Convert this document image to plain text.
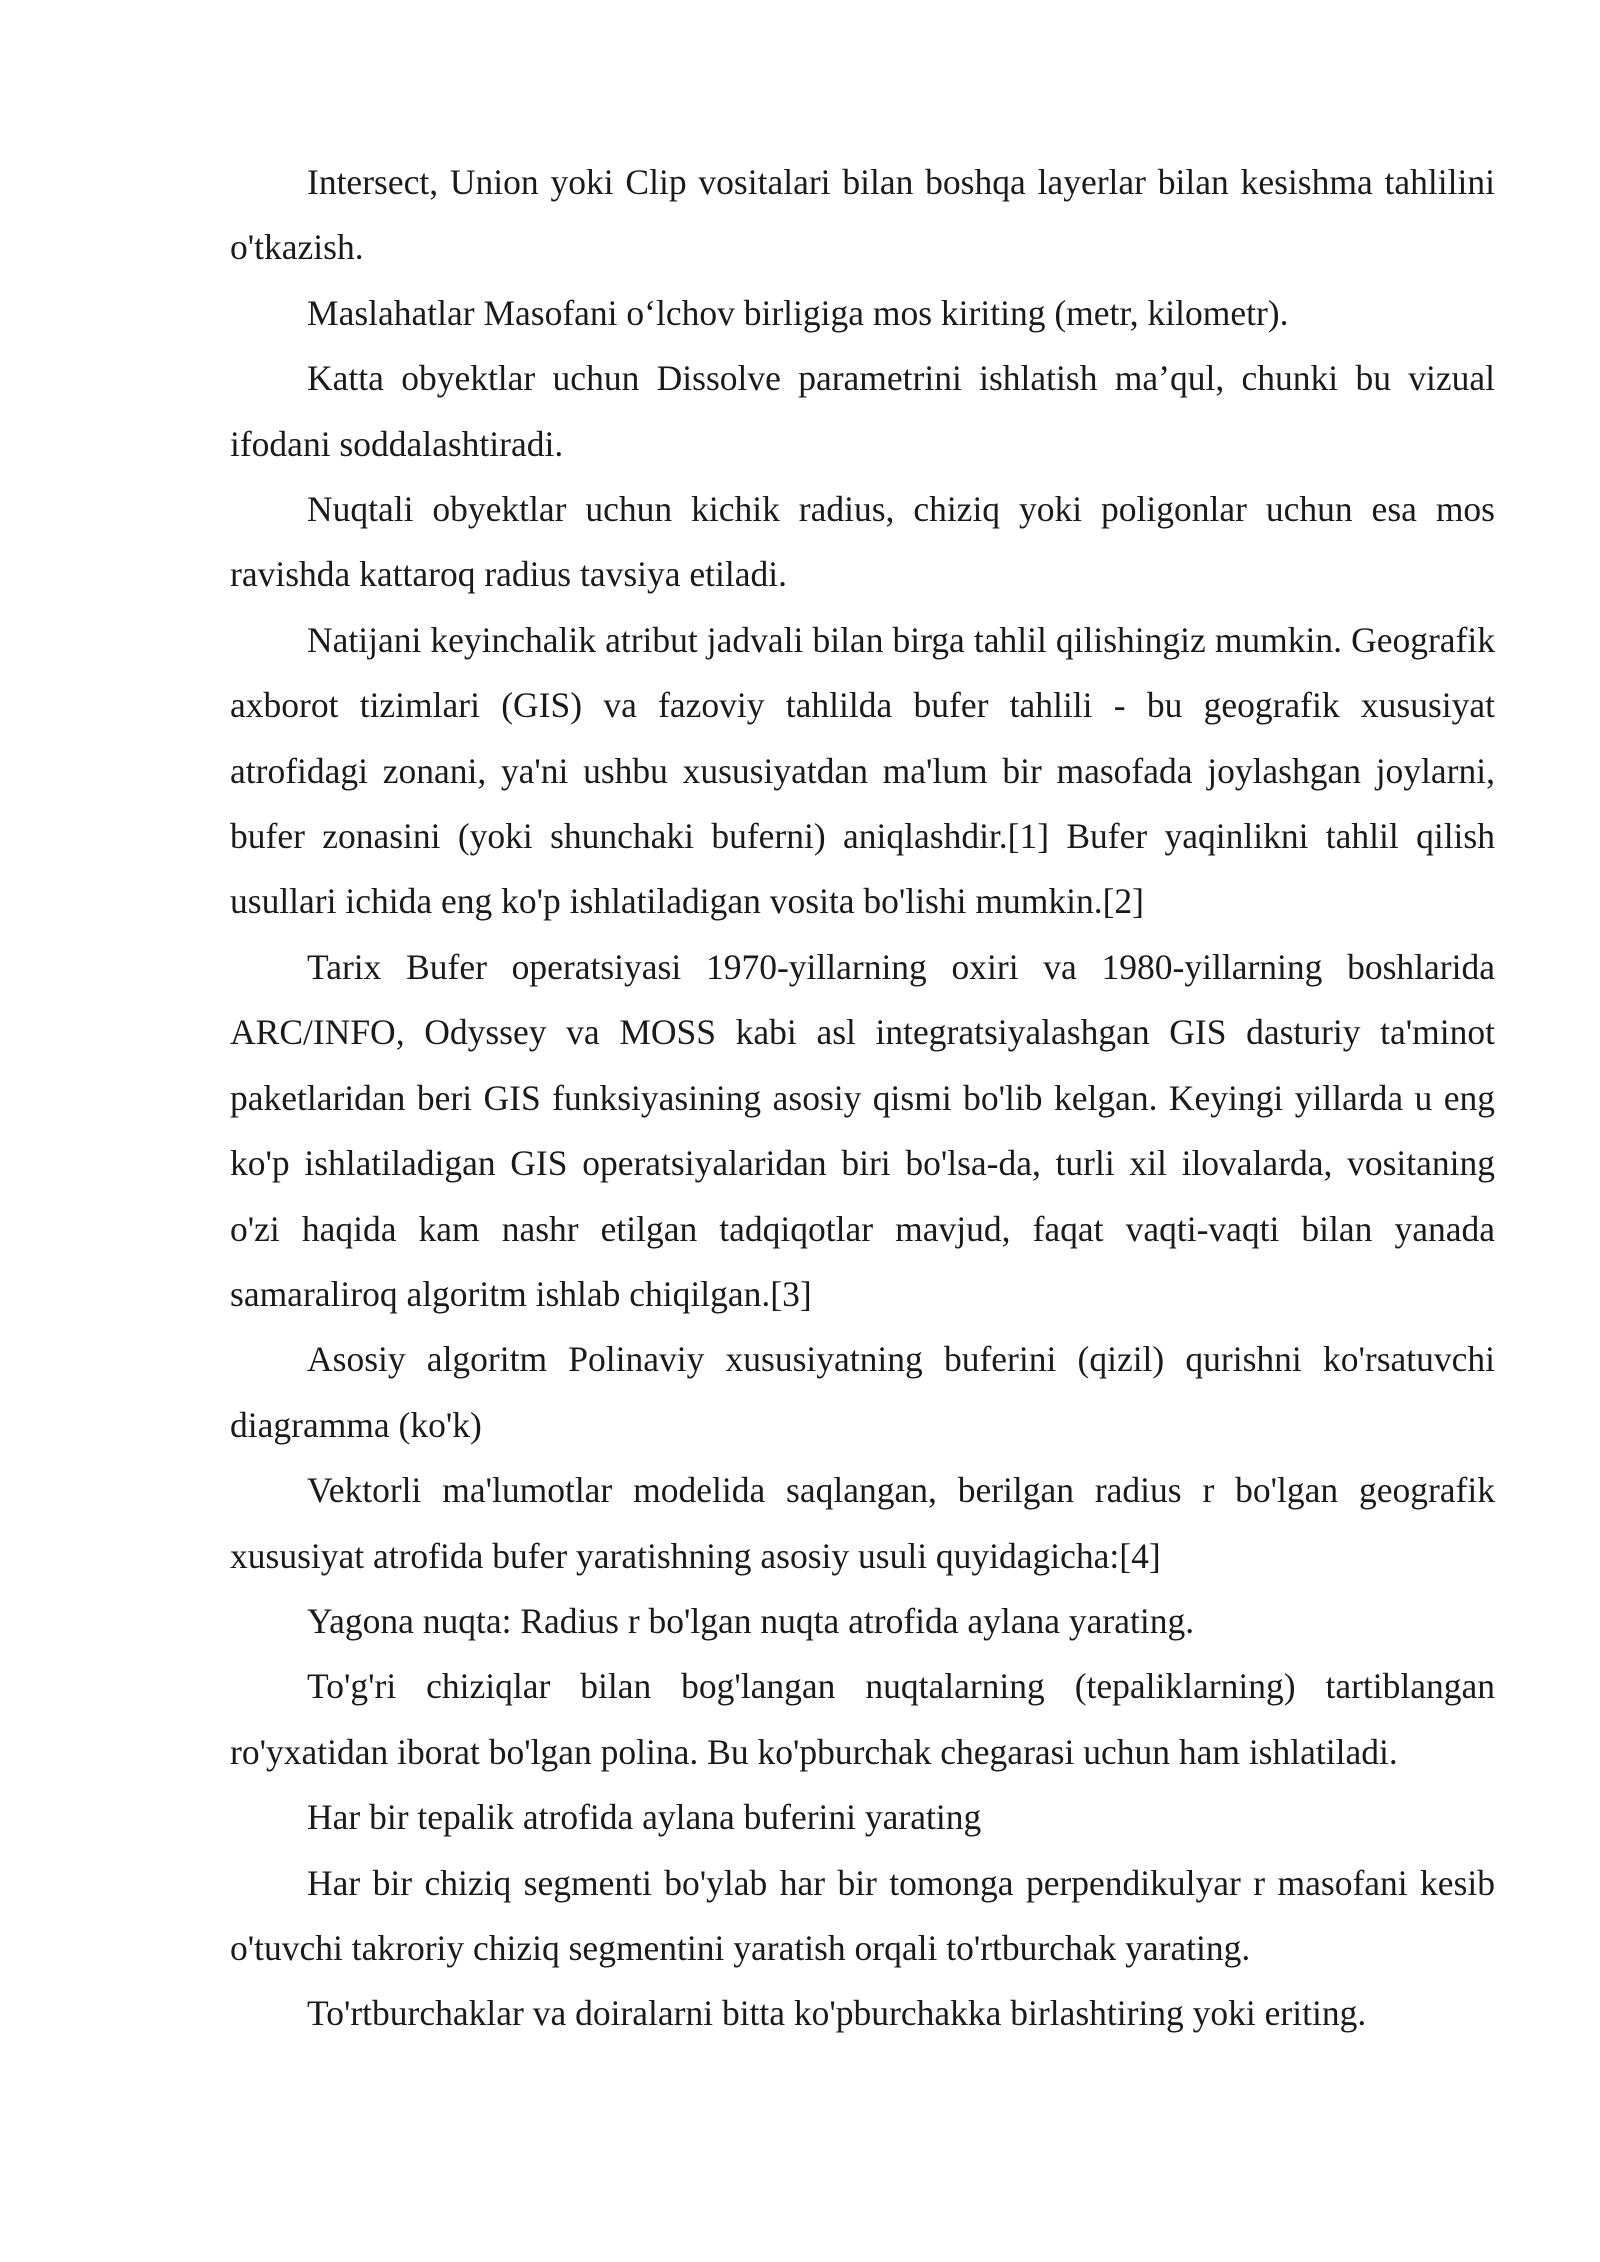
Intersect, Union yoki Clip vositalari bilan boshqa layerlar bilan kesishma tahlilini o'tkazish.

Maslahatlar Masofani o‘lchov birligiga mos kiriting (metr, kilometr).

Katta obyektlar uchun Dissolve parametrini ishlatish ma’qul, chunki bu vizual ifodani soddalashtiradi.

Nuqtali obyektlar uchun kichik radius, chiziq yoki poligonlar uchun esa mos ravishda kattaroq radius tavsiya etiladi.

Natijani keyinchalik atribut jadvali bilan birga tahlil qilishingiz mumkin. Geografik axborot tizimlari (GIS) va fazoviy tahlilda bufer tahlili - bu geografik xususiyat atrofidagi zonani, ya'ni ushbu xususiyatdan ma'lum bir masofada joylashgan joylarni, bufer zonasini (yoki shunchaki buferni) aniqlashdir.[1] Bufer yaqinlikni tahlil qilish usullari ichida eng ko'p ishlatiladigan vosita bo'lishi mumkin.[2]

Tarix Bufer operatsiyasi 1970-yillarning oxiri va 1980-yillarning boshlarida ARC/INFO, Odyssey va MOSS kabi asl integratsiyalashgan GIS dasturiy ta'minot paketlaridan beri GIS funksiyasining asosiy qismi bo'lib kelgan. Keyingi yillarda u eng ko'p ishlatiladigan GIS operatsiyalaridan biri bo'lsa-da, turli xil ilovalarda, vositaning o'zi haqida kam nashr etilgan tadqiqotlar mavjud, faqat vaqti-vaqti bilan yanada samaraliroq algoritm ishlab chiqilgan.[3]

Asosiy algoritm Polinaviy xususiyatning buferini (qizil) qurishni ko'rsatuvchi diagramma (ko'k)

Vektorli ma'lumotlar modelida saqlangan, berilgan radius r bo'lgan geografik xususiyat atrofida bufer yaratishning asosiy usuli quyidagicha:[4]

Yagona nuqta: Radius r bo'lgan nuqta atrofida aylana yarating.

To'g'ri chiziqlar bilan bog'langan nuqtalarning (tepaliklarning) tartiblangan ro'yxatidan iborat bo'lgan polina. Bu ko'pburchak chegarasi uchun ham ishlatiladi.

Har bir tepalik atrofida aylana buferini yarating

Har bir chiziq segmenti bo'ylab har bir tomonga perpendikulyar r masofani kesib o'tuvchi takroriy chiziq segmentini yaratish orqali to'rtburchak yarating.

To'rtburchaklar va doiralarni bitta ko'pburchakka birlashtiring yoki eriting.
